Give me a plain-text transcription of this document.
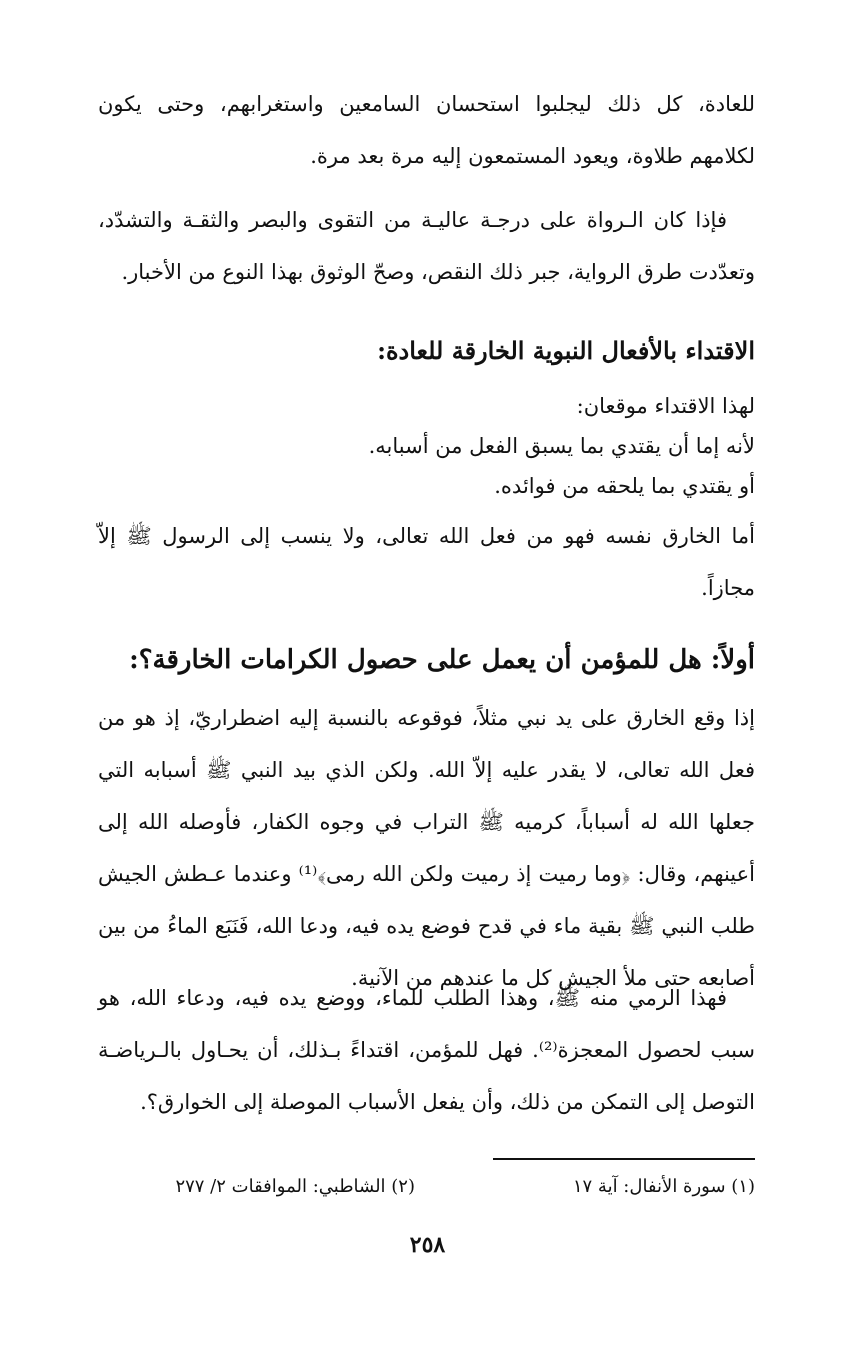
للعادة، كل ذلك ليجلبوا استحسان السامعين واستغرابهم، وحتى يكون لكلامهم طلاوة، ويعود المستمعون إليه مرة بعد مرة.

فإذا كان الـرواة على درجـة عاليـة من التقوى والبصر والثقـة والتشدّد، وتعدّدت طرق الرواية، جبر ذلك النقص، وصحّ الوثوق بهذا النوع من الأخبار.

الاقتداء بالأفعال النبوية الخارقة للعادة:

لهذا الاقتداء موقعان:

لأنه إما أن يقتدي بما يسبق الفعل من أسبابه.

أو يقتدي بما يلحقه من فوائده.

أما الخارق نفسه فهو من فعل الله تعالى، ولا ينسب إلى الرسول ﷺ إلاّ مجازاً.

أولاً: هل للمؤمن أن يعمل على حصول الكرامات الخارقة؟:

إذا وقع الخارق على يد نبي مثلاً، فوقوعه بالنسبة إليه اضطراريّ، إذ هو من فعل الله تعالى، لا يقدر عليه إلاّ الله. ولكن الذي بيد النبي ﷺ أسبابه التي جعلها الله له أسباباً، كرميه ﷺ التراب في وجوه الكفار، فأوصله الله إلى أعينهم، وقال: ﴿وما رميت إذ رميت ولكن الله رمى﴾⁽¹⁾ وعندما عـطش الجيش طلب النبي ﷺ بقية ماء في قدح فوضع يده فيه، ودعا الله، فَنَبَع الماءُ من بين أصابعه حتى ملأ الجيش كل ما عندهم من الآنية.

فهذا الرمي منه ﷺ، وهذا الطلب للماء، ووضع يده فيه، ودعاء الله، هو سبب لحصول المعجزة⁽²⁾. فهل للمؤمن، اقتداءً بـذلك، أن يحـاول بالـرياضـة التوصل إلى التمكن من ذلك، وأن يفعل الأسباب الموصلة إلى الخوارق؟.

(١) سورة الأنفال: آية ١٧
(٢) الشاطبي: الموافقات ٢/ ٢٧٧
٢٥٨
